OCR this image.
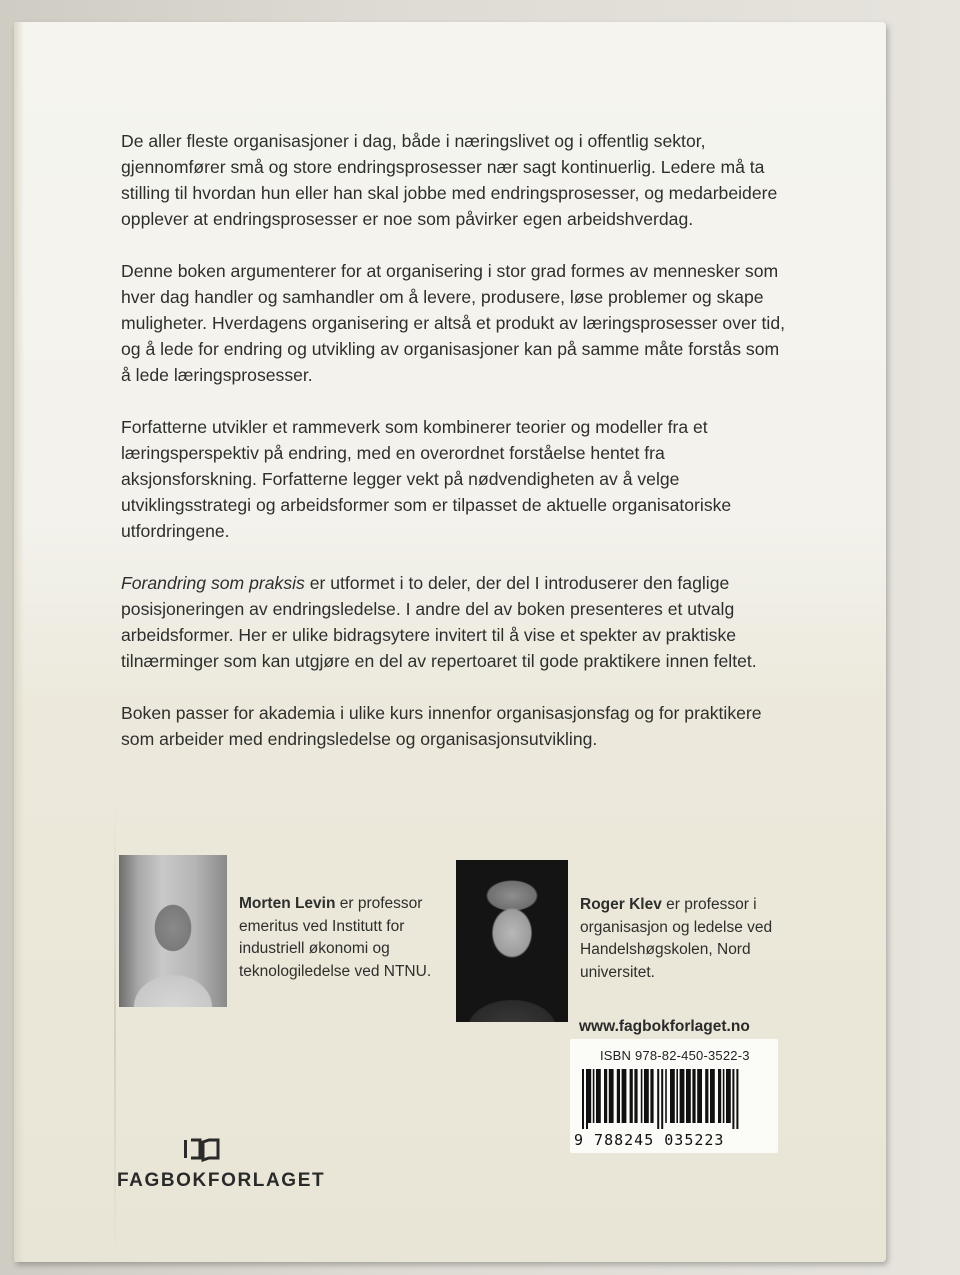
De aller fleste organisasjoner i dag, både i næringslivet og i offentlig sektor, gjennomfører små og store endringsprosesser nær sagt kontinuerlig. Ledere må ta stilling til hvordan hun eller han skal jobbe med endringsprosesser, og medarbeidere opplever at endringsprosesser er noe som påvirker egen arbeidshverdag.

Denne boken argumenterer for at organisering i stor grad formes av mennesker som hver dag handler og samhandler om å levere, produsere, løse problemer og skape muligheter. Hverdagens organisering er altså et produkt av læringsprosesser over tid, og å lede for endring og utvikling av organisasjoner kan på samme måte forstås som å lede læringsprosesser.

Forfatterne utvikler et rammeverk som kombinerer teorier og modeller fra et læringsperspektiv på endring, med en overordnet forståelse hentet fra aksjonsforskning. Forfatterne legger vekt på nødvendigheten av å velge utviklingsstrategi og arbeidsformer som er tilpasset de aktuelle organisatoriske utfordringene.

Forandring som praksis er utformet i to deler, der del I introduserer den faglige posisjoneringen av endringsledelse. I andre del av boken presenteres et utvalg arbeidsformer. Her er ulike bidragsytere invitert til å vise et spekter av praktiske tilnærminger som kan utgjøre en del av repertoaret til gode praktikere innen feltet.

Boken passer for akademia i ulike kurs innenfor organisasjonsfag og for praktikere som arbeider med endringsledelse og organisasjonsutvikling.

Morten Levin er professor emeritus ved Institutt for industriell økonomi og teknologiledelse ved NTNU.
Roger Klev er professor i organisasjon og ledelse ved Handelshøgskolen, Nord universitet.
www.fagbokforlaget.no
ISBN 978-82-450-3522-3
9 788245 035223
FAGBOKFORLAGET
